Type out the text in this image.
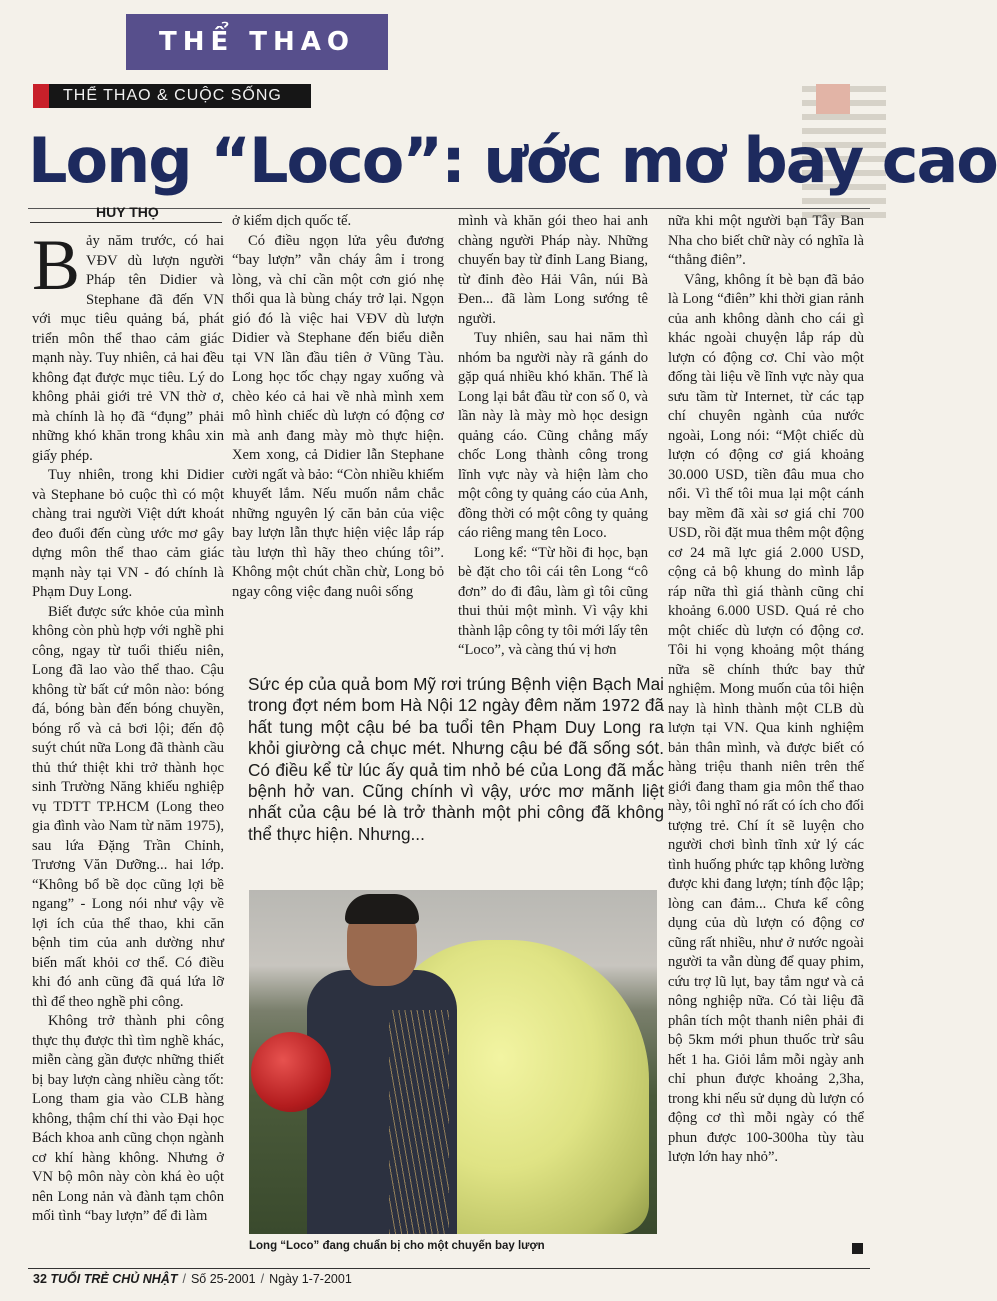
THỂ THAO
THỂ THAO & CUỘC SỐNG
Long “Loco”: ước mơ bay cao
HUY THỌ

Bảy năm trước, có hai VĐV dù lượn người Pháp tên Didier và Stephane đã đến VN với mục tiêu quảng bá, phát triển môn thể thao cảm giác mạnh này. Tuy nhiên, cả hai đều không đạt được mục tiêu. Lý do không phải giới trẻ VN thờ ơ, mà chính là họ đã “đụng” phải những khó khăn trong khâu xin giấy phép.

Tuy nhiên, trong khi Didier và Stephane bỏ cuộc thì có một chàng trai người Việt dứt khoát đeo đuổi đến cùng ước mơ gây dựng môn thể thao cảm giác mạnh này tại VN - đó chính là Phạm Duy Long.

Biết được sức khỏe của mình không còn phù hợp với nghề phi công, ngay từ tuổi thiếu niên, Long đã lao vào thể thao. Cậu không từ bất cứ môn nào: bóng đá, bóng bàn đến bóng chuyền, bóng rổ và cả bơi lội; đến độ suýt chút nữa Long đã thành cầu thủ thứ thiệt khi trở thành học sinh Trường Năng khiếu nghiệp vụ TDTT TP.HCM (Long theo gia đình vào Nam từ năm 1975), sau lứa Đặng Trần Chỉnh, Trương Văn Dưỡng... hai lớp. “Không bổ bề dọc cũng lợi bề ngang” - Long nói như vậy về lợi ích của thể thao, khi căn bệnh tim của anh dường như biến mất khỏi cơ thể. Có điều khi đó anh cũng đã quá lứa lỡ thì để theo nghề phi công.

Không trở thành phi công thực thụ được thì tìm nghề khác, miễn càng gần được những thiết bị bay lượn càng nhiều càng tốt: Long tham gia vào CLB hàng không, thậm chí thi vào Đại học Bách khoa anh cũng chọn ngành cơ khí hàng không. Nhưng ở VN bộ môn này còn khá èo uột nên Long nản và đành tạm chôn mối tình “bay lượn” để đi làm

ở kiểm dịch quốc tế.

Có điều ngọn lửa yêu đương “bay lượn” vẫn cháy âm ỉ trong lòng, và chỉ cần một cơn gió nhẹ thổi qua là bùng cháy trở lại. Ngọn gió đó là việc hai VĐV dù lượn Didier và Stephane đến biểu diễn tại VN lần đầu tiên ở Vũng Tàu. Long học tốc chạy ngay xuống và chèo kéo cả hai về nhà mình xem mô hình chiếc dù lượn có động cơ mà anh đang mày mò thực hiện. Xem xong, cả Didier lẫn Stephane cười ngất và bảo: “Còn nhiều khiếm khuyết lắm. Nếu muốn nắm chắc những nguyên lý căn bản của việc bay lượn lẫn thực hiện việc lắp ráp tàu lượn thì hãy theo chúng tôi”. Không một chút chần chừ, Long bỏ ngay công việc đang nuôi sống

mình và khăn gói theo hai anh chàng người Pháp này. Những chuyến bay từ đỉnh Lang Biang, từ đỉnh đèo Hải Vân, núi Bà Đen... đã làm Long sướng tê người.

Tuy nhiên, sau hai năm thì nhóm ba người này rã gánh do gặp quá nhiều khó khăn. Thế là Long lại bắt đầu từ con số 0, và lần này là mày mò học design quảng cáo. Cũng chẳng mấy chốc Long thành công trong lĩnh vực này và hiện làm cho một công ty quảng cáo của Anh, đồng thời có một công ty quảng cáo riêng mang tên Loco.

Long kể: “Từ hồi đi học, bạn bè đặt cho tôi cái tên Long “cô đơn” do đi đâu, làm gì tôi cũng thui thủi một mình. Vì vậy khi thành lập công ty tôi mới lấy tên “Loco”, và càng thú vị hơn

nữa khi một người bạn Tây Ban Nha cho biết chữ này có nghĩa là “thằng điên”.

Vâng, không ít bè bạn đã bảo là Long “điên” khi thời gian rảnh của anh không dành cho cái gì khác ngoài chuyện lắp ráp dù lượn có động cơ. Chỉ vào một đống tài liệu về lĩnh vực này qua sưu tầm từ Internet, từ các tạp chí chuyên ngành của nước ngoài, Long nói: “Một chiếc dù lượn có động cơ giá khoảng 30.000 USD, tiền đâu mua cho nổi. Vì thế tôi mua lại một cánh bay mềm đã xài sơ giá chỉ 700 USD, rồi đặt mua thêm một động cơ 24 mã lực giá 2.000 USD, cộng cả bộ khung do mình lắp ráp nữa thì giá thành cũng chỉ khoảng 6.000 USD. Quá rẻ cho một chiếc dù lượn có động cơ. Tôi hi vọng khoảng một tháng nữa sẽ chính thức bay thử nghiệm. Mong muốn của tôi hiện nay là hình thành một CLB dù lượn tại VN. Qua kinh nghiệm bản thân mình, và được biết có hàng triệu thanh niên trên thế giới đang tham gia môn thể thao này, tôi nghĩ nó rất có ích cho đối tượng trẻ. Chí ít sẽ luyện cho người chơi bình tĩnh xử lý các tình huống phức tạp không lường được khi đang lượn; tính độc lập; lòng can đảm... Chưa kể công dụng của dù lượn có động cơ cũng rất nhiều, như ở nước ngoài người ta vẫn dùng để quay phim, cứu trợ lũ lụt, bay tắm ngư và cả nông nghiệp nữa. Có tài liệu đã phân tích một thanh niên phải đi bộ 5km mới phun thuốc trừ sâu hết 1 ha. Giỏi lắm mỗi ngày anh chỉ phun được khoảng 2,3ha, trong khi nếu sử dụng dù lượn có động cơ thì mỗi ngày có thể phun được 100-300ha tùy tàu lượn lớn hay nhỏ”.

Sức ép của quả bom Mỹ rơi trúng Bệnh viện Bạch Mai trong đợt ném bom Hà Nội 12 ngày đêm năm 1972 đã hất tung một cậu bé ba tuổi tên Phạm Duy Long ra khỏi giường cả chục mét. Nhưng cậu bé đã sống sót. Có điều kể từ lúc ấy quả tim nhỏ bé của Long đã mắc bệnh hở van. Cũng chính vì vậy, ước mơ mãnh liệt nhất của cậu bé là trở thành một phi công đã không thể thực hiện. Nhưng...
Long “Loco” đang chuẩn bị cho một chuyến bay lượn
32 TUỔI TRẺ CHỦ NHẬT / Số 25-2001 / Ngày 1-7-2001
